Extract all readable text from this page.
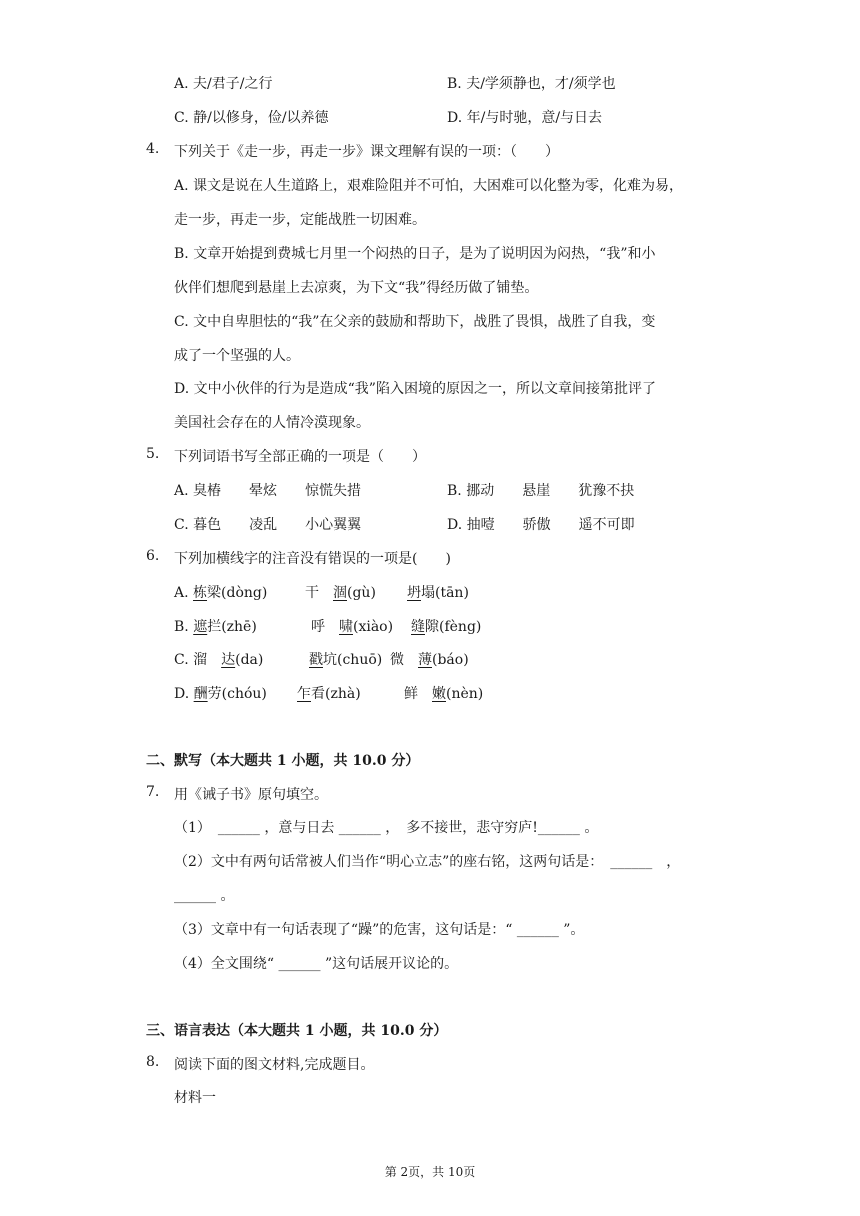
A. 夫/君子/之行	B. 夫/学须静也，才/须学也
C. 静/以修身，俭/以养德	D. 年/与时驰，意/与日去
4. 下列关于《走一步，再走一步》课文理解有误的一项：（　　）
A. 课文是说在人生道路上，艰难险阻并不可怕，大困难可以化整为零，化难为易，
走一步，再走一步，定能战胜一切困难。
B. 文章开始提到费城七月里一个闷热的日子，是为了说明因为闷热，“我”和小
伙伴们想爬到悬崖上去凉爽，为下文“我”得经历做了铺垫。
C. 文中自卑胆怯的“我”在父亲的鼓励和帮助下，战胜了畏惧，战胜了自我，变
成了一个坚强的人。
D. 文中小伙伴的行为是造成“我”陷入困境的原因之一，所以文章间接第批评了
美国社会存在的人情冷漠现象。
5. 下列词语书写全部正确的一项是（　　）
A. 臭椿　　晕炫　　惊慌失措	B. 挪动　　悬崖　　犹豫不抉
C. 暮色　　凌乱　　小心翼翼	D. 抽噎　　骄傲　　遥不可即
6. 下列加横线字的注音没有错误的一项是(　　)
A. 栋梁(dòng)	干　涸(gù) 坍塌(tān)
B. 遮拦(zhē)	呼　啸(xiào) 缝隙(fèng)
C. 溜　达(da)	戳坑(chuō) 微　薄(báo)
D. 酬劳(chóu) 乍看(zhà)	鲜　嫩(nèn)
二、默写（本大题共 1 小题，共 10.0 分）
7. 用《诫子书》原句填空。
（1）　______ ，意与日去 ______ ，　多不接世，悲守穷庐!______ 。
（2）文中有两句话常被人们当作“明心立志”的座右铭，这两句话是：　______　，
______ 。
（3）文章中有一句话表现了“躁”的危害，这句话是：“ ______ ”。
（4）全文围绕“ ______ ”这句话展开议论的。
三、语言表达（本大题共 1 小题，共 10.0 分）
8. 阅读下面的图文材料,完成题目。
材料一
第 2页，共 10页
